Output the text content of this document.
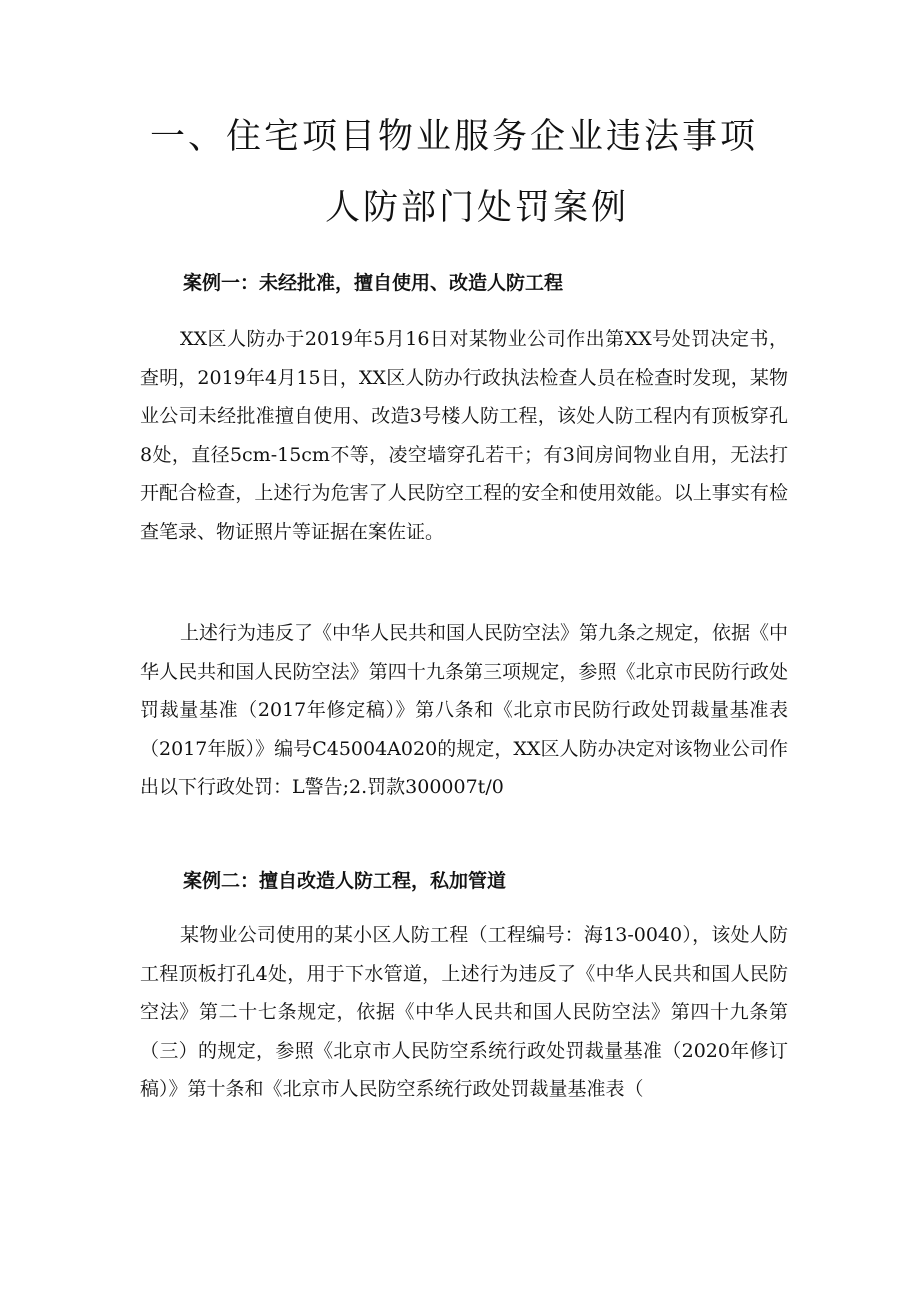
一、住宅项目物业服务企业违法事项
人防部门处罚案例
案例一：未经批准，擅自使用、改造人防工程

XX区人防办于2019年5月16日对某物业公司作出第XX号处罚决定书，查明，2019年4月15日，XX区人防办行政执法检查人员在检查时发现，某物业公司未经批准擅自使用、改造3号楼人防工程，该处人防工程内有顶板穿孔8处，直径5cm-15cm不等，凌空墙穿孔若干；有3间房间物业自用，无法打开配合检查，上述行为危害了人民防空工程的安全和使用效能。以上事实有检查笔录、物证照片等证据在案佐证。

上述行为违反了《中华人民共和国人民防空法》第九条之规定，依据《中华人民共和国人民防空法》第四十九条第三项规定，参照《北京市民防行政处罚裁量基准（2017年修定稿）》第八条和《北京市民防行政处罚裁量基准表（2017年版）》编号C45004A020的规定，XX区人防办决定对该物业公司作出以下行政处罚：L警告;2.罚款300007t/0

案例二：擅自改造人防工程，私加管道

某物业公司使用的某小区人防工程（工程编号：海13-0040），该处人防工程顶板打孔4处，用于下水管道，上述行为违反了《中华人民共和国人民防空法》第二十七条规定，依据《中华人民共和国人民防空法》第四十九条第（三）的规定，参照《北京市人民防空系统行政处罚裁量基准（2020年修订稿）》第十条和《北京市人民防空系统行政处罚裁量基准表（
